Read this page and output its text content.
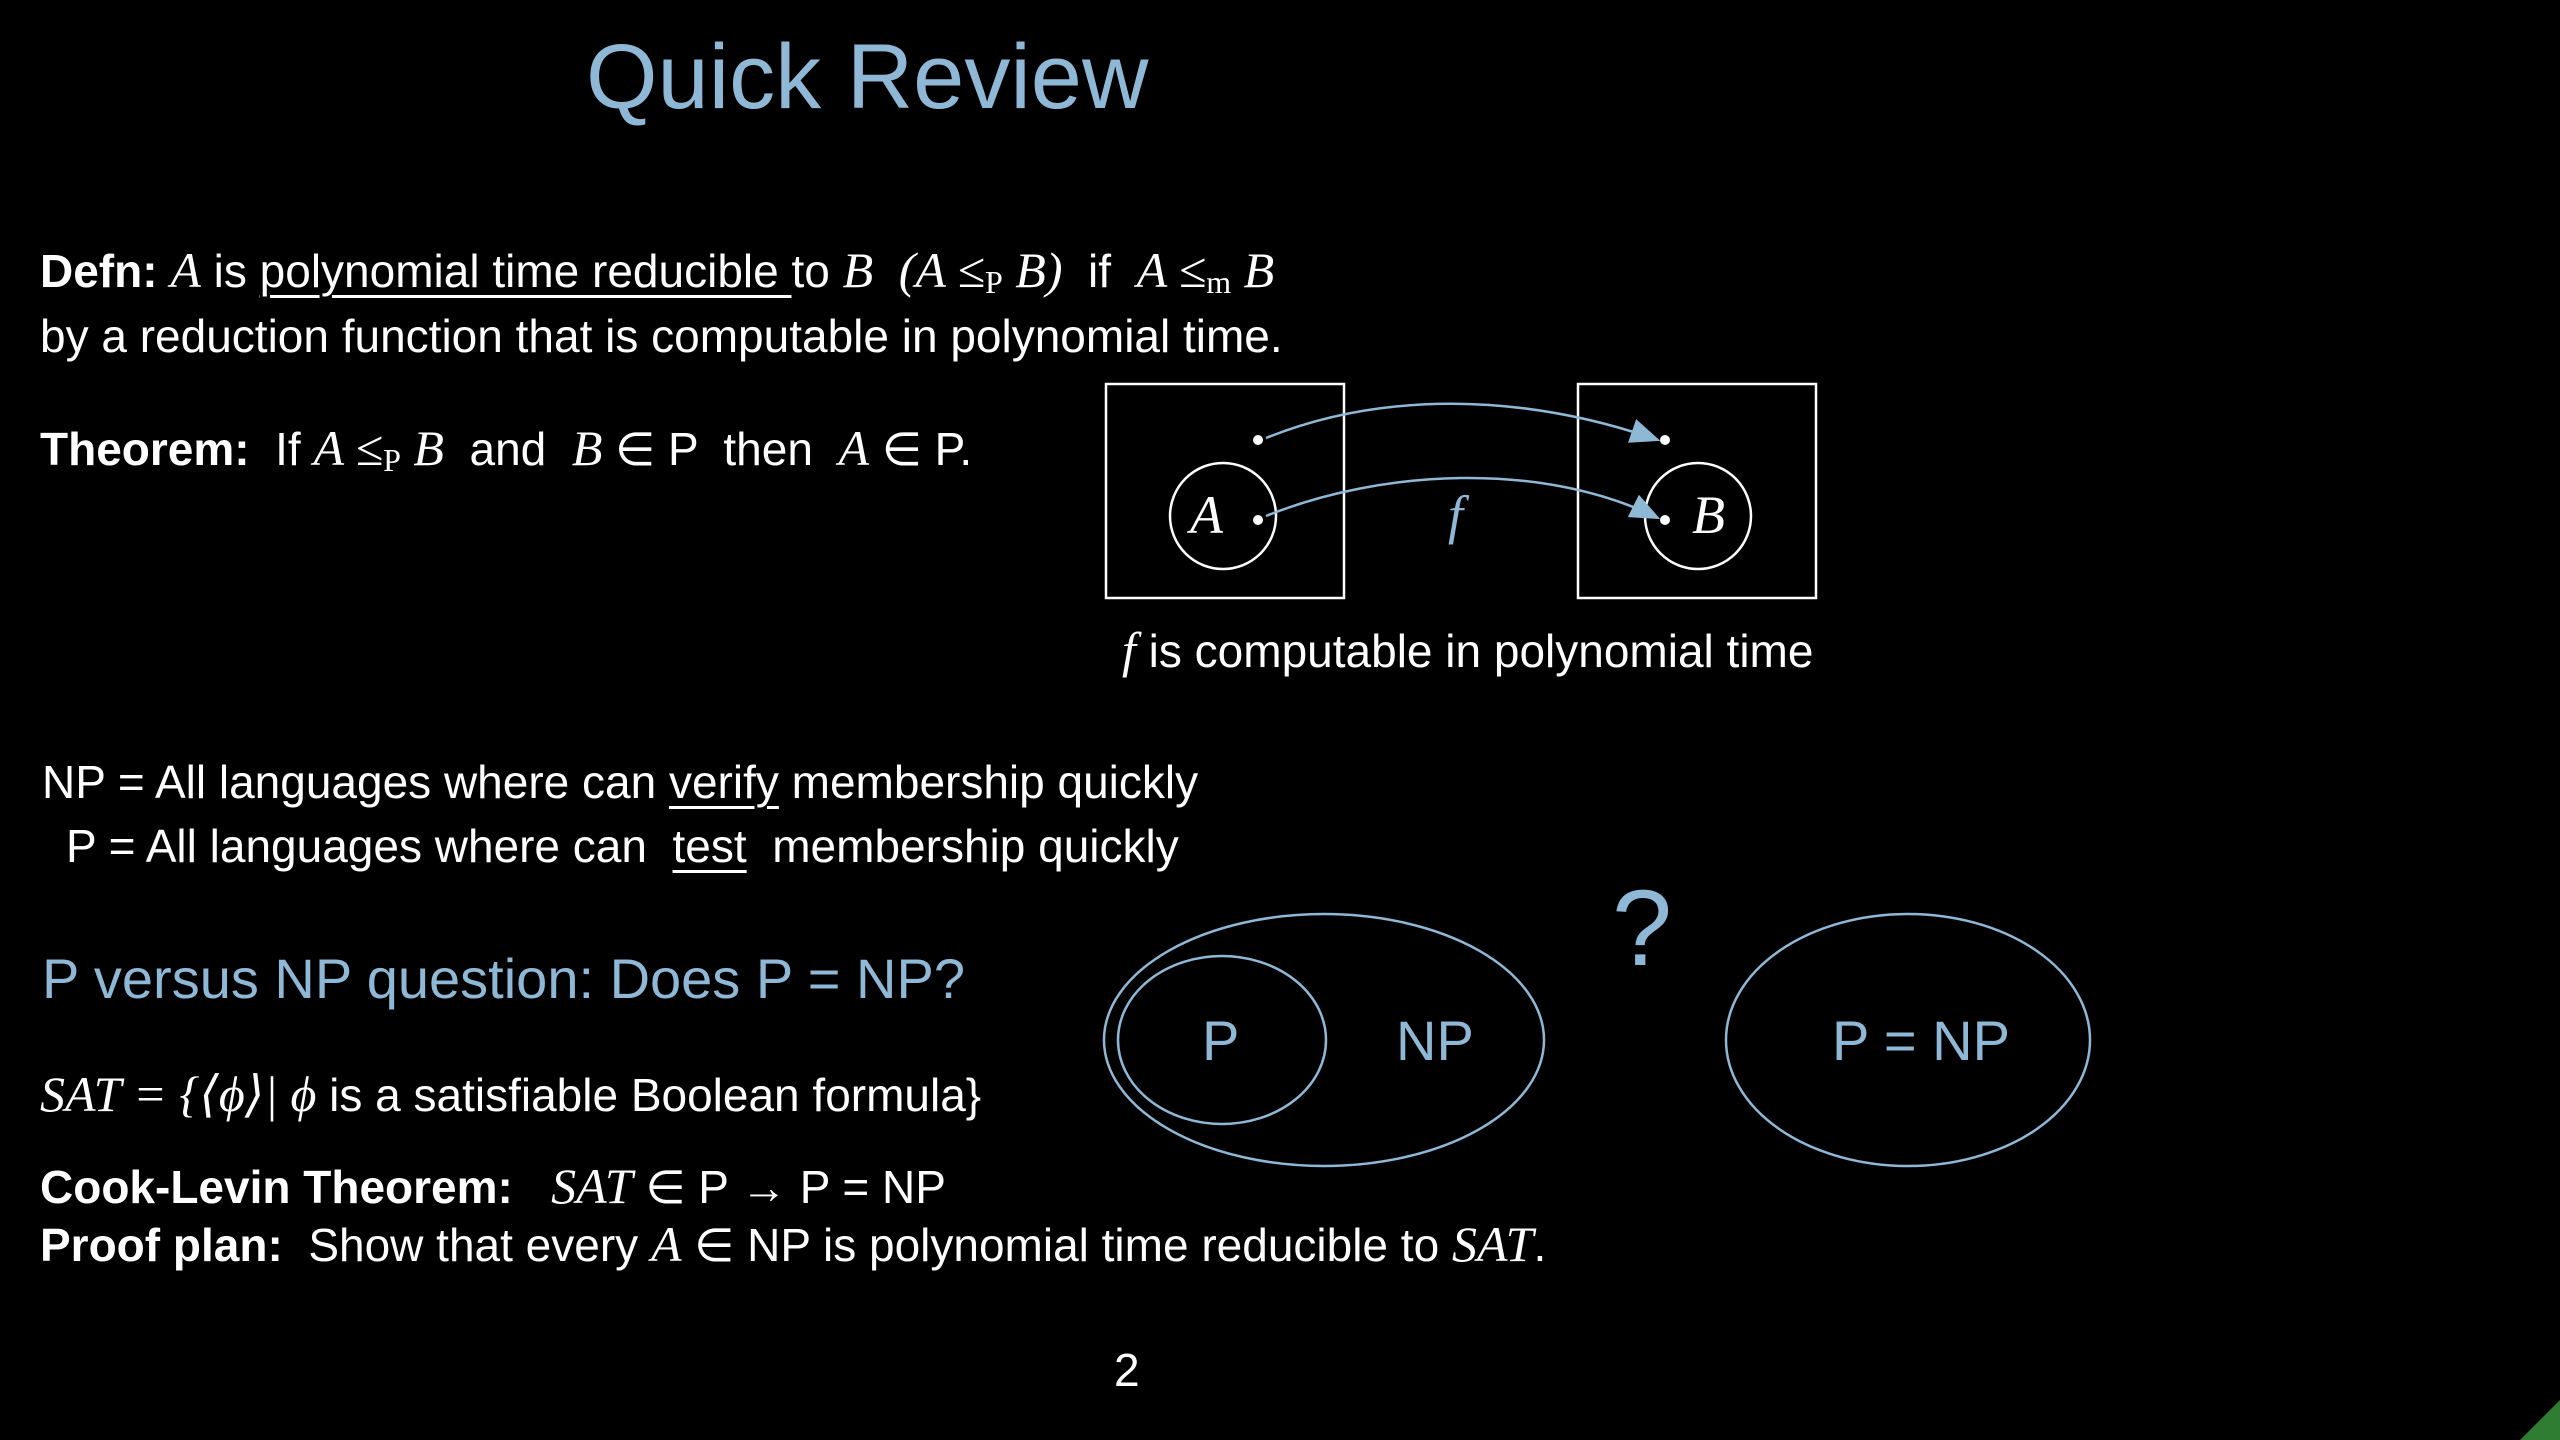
Quick Review
Defn: A is polynomial time reducible to B ($A \le_P$ B) if $A \le_m$ B
by a reduction function that is computable in polynomial time.
Theorem: If $A \le_P$ B and B ∈ P then A ∈ P.
A	B
f
f is computable in polynomial time
NP = All languages where can verify membership quickly
P = All languages where can  test membership quickly
P versus NP question: Does P = NP?	?
P	NP	P = NP
SAT = {⟨ϕ⟩| ϕ is a satisfiable Boolean formula}
Cook-Levin Theorem: SAT ∈ P → P = NP
Proof plan: Show that every A ∈ NP is polynomial time reducible to SAT.
2
